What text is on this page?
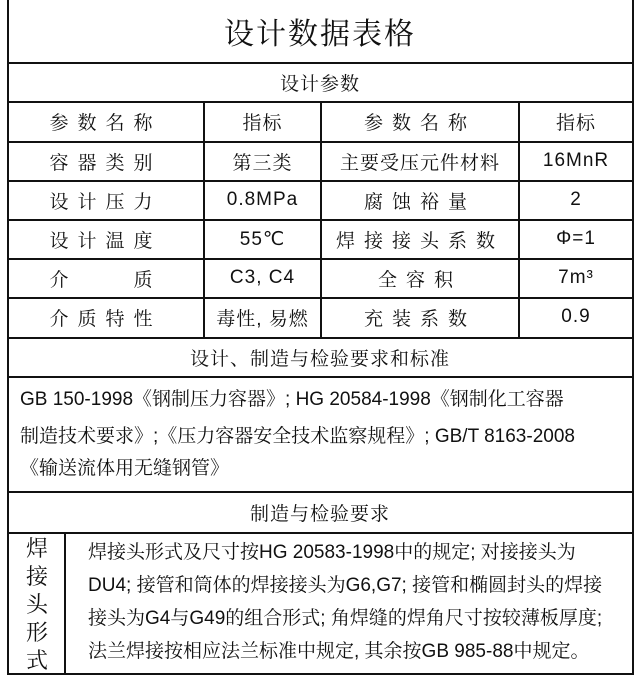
设计数据表格
设计参数
参数名称	指标	参数名称	指标
容器类别	第三类	主要受压元件材料	16MnR
设计压力	0.8MPa	腐蚀裕量	2
设计温度	55℃	焊接接头系数	Φ=1
介　　质	C3, C4	全容积	7m³
介质特性	毒性, 易燃	充装系数	0.9
设计、制造与检验要求和标准
GB 150-1998《钢制压力容器》; HG 20584-1998《钢制化工容器
制造技术要求》;《压力容器安全技术监察规程》; GB/T 8163-2008
《输送流体用无缝钢管》
制造与检验要求
焊接头形式
焊接头形式及尺寸按HG 20583-1998中的规定; 对接接头为
DU4; 接管和筒体的焊接接头为G6,G7; 接管和椭圆封头的焊接
接头为G4与G49的组合形式; 角焊缝的焊角尺寸按较薄板厚度;
法兰焊接按相应法兰标准中规定, 其余按GB 985-88中规定。
